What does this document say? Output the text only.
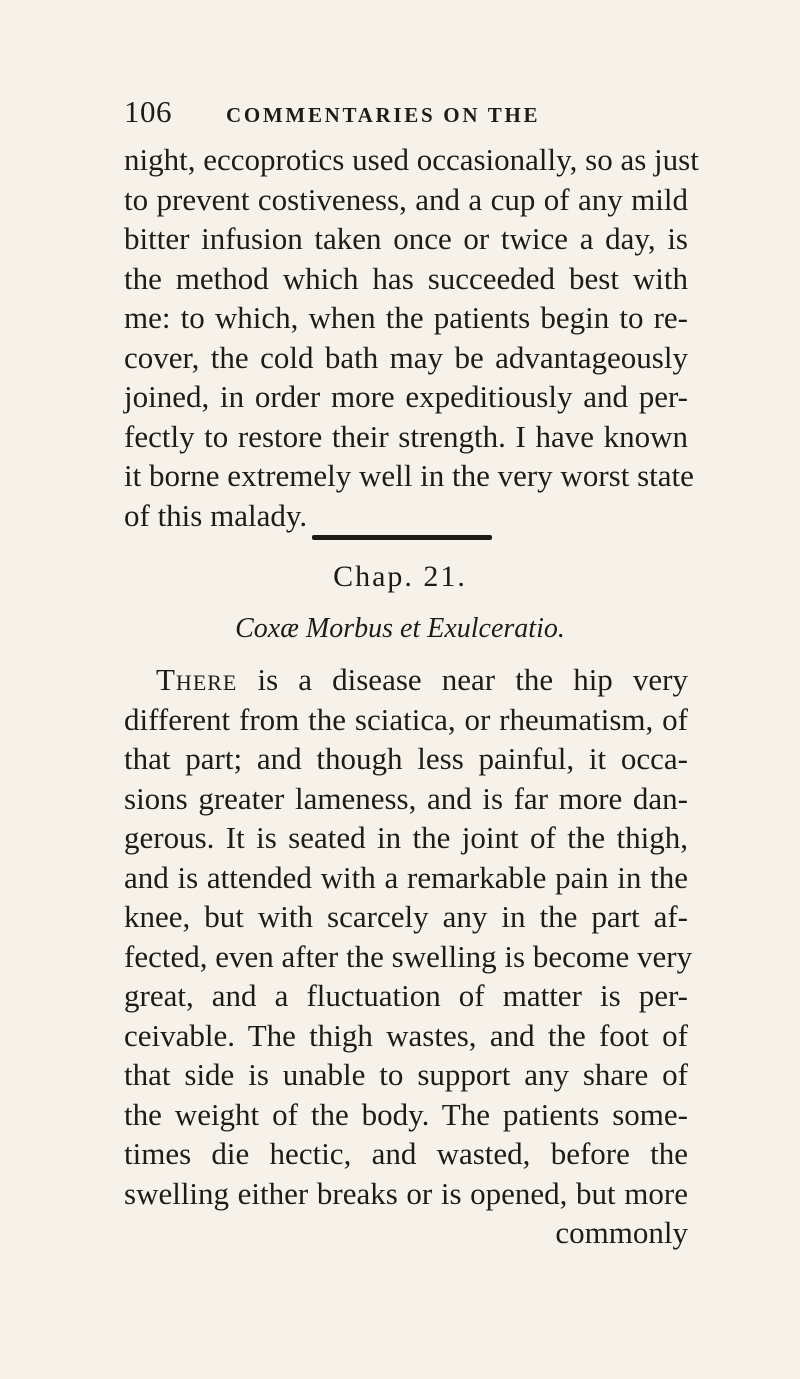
106	COMMENTARIES ON THE
night, eccoprotics used occasionally, so as just
to prevent costiveness, and a cup of any mild
bitter infusion taken once or twice a day, is
the method which has succeeded best with
me: to which, when the patients begin to re-
cover, the cold bath may be advantageously
joined, in order more expeditiously and per-
fectly to restore their strength. I have known
it borne extremely well in the very worst state
of this malady.
Chap. 21.
Coxæ Morbus et Exulceratio.
There is a disease near the hip very
different from the sciatica, or rheumatism, of
that part; and though less painful, it occa-
sions greater lameness, and is far more dan-
gerous. It is seated in the joint of the thigh,
and is attended with a remarkable pain in the
knee, but with scarcely any in the part af-
fected, even after the swelling is become very
great, and a fluctuation of matter is per-
ceivable. The thigh wastes, and the foot of
that side is unable to support any share of
the weight of the body. The patients some-
times die hectic, and wasted, before the
swelling either breaks or is opened, but more
commonly
